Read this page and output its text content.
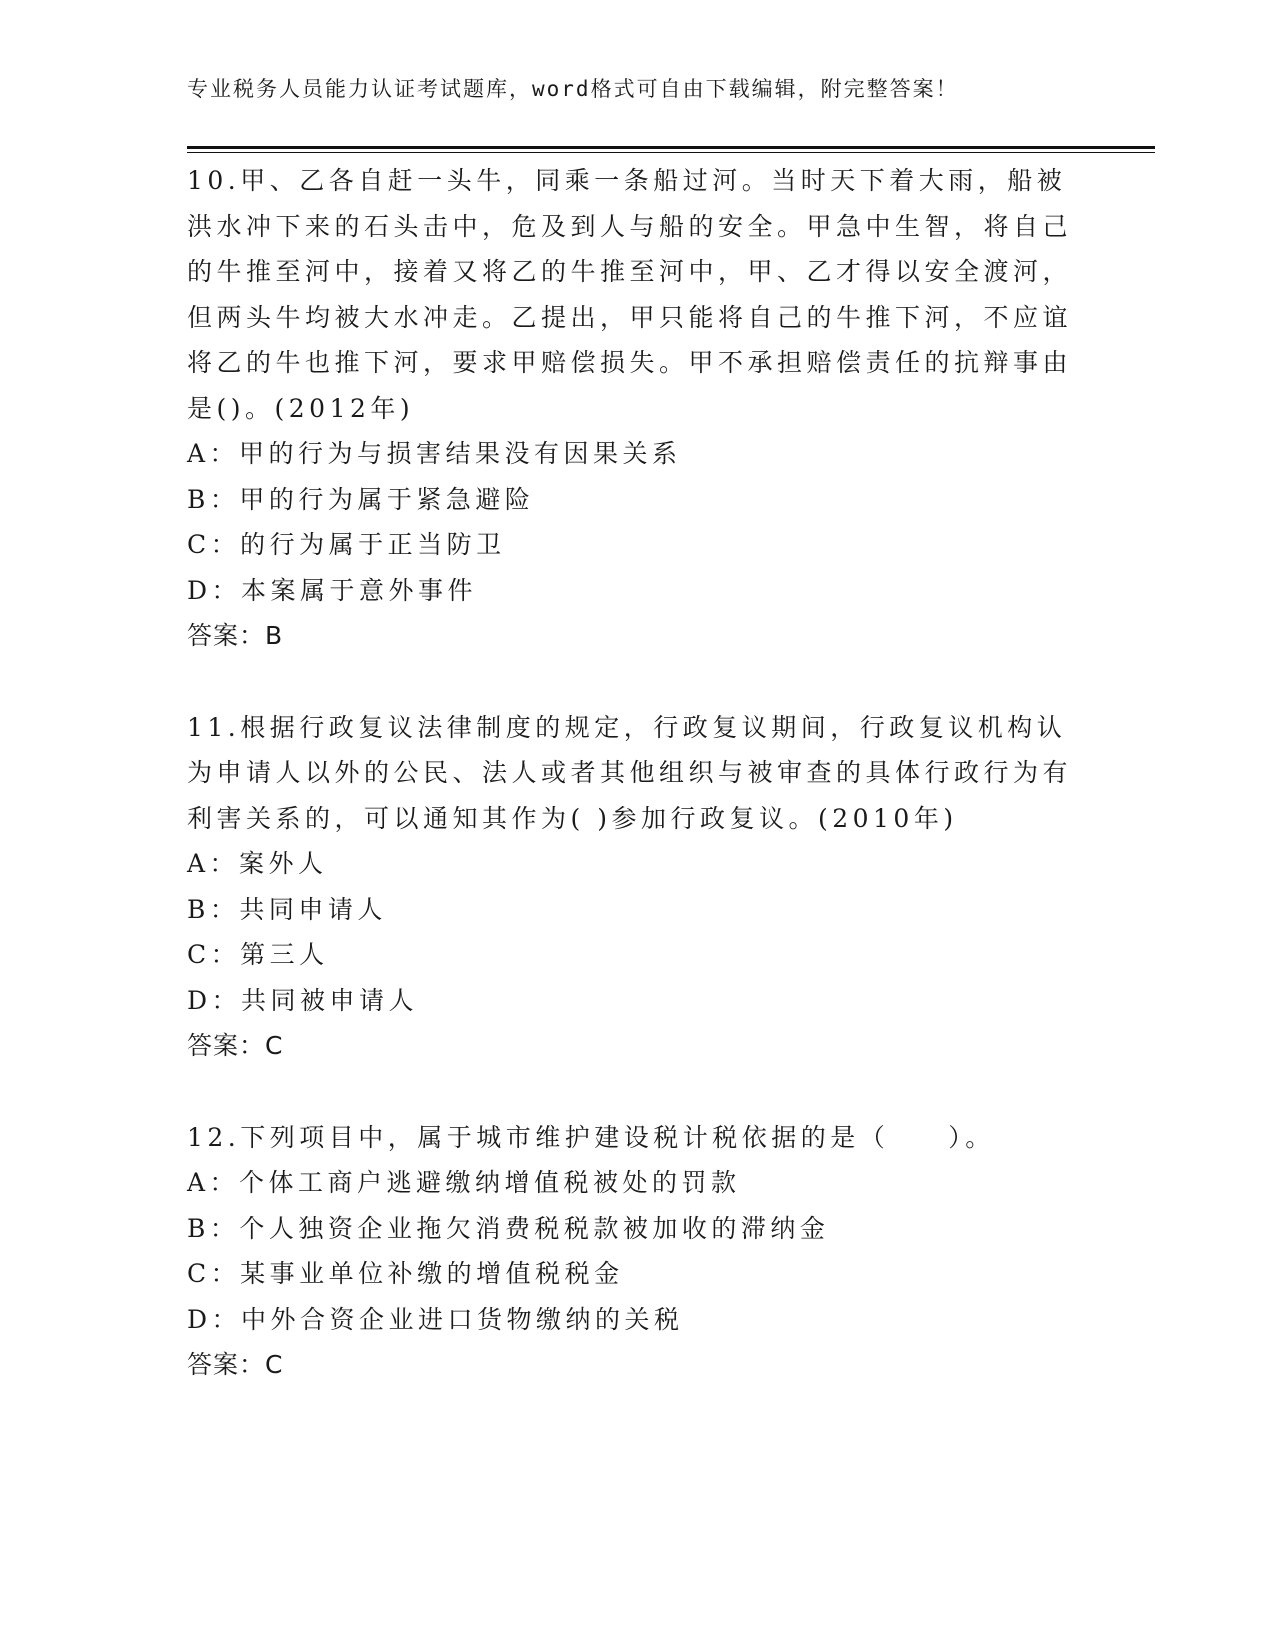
专业税务人员能力认证考试题库，word格式可自由下载编辑，附完整答案！

10.甲、乙各自赶一头牛，同乘一条船过河。当时天下着大雨，船被洪水冲下来的石头击中，危及到人与船的安全。甲急中生智，将自己的牛推至河中，接着又将乙的牛推至河中，甲、乙才得以安全渡河，但两头牛均被大水冲走。乙提出，甲只能将自己的牛推下河，不应谊将乙的牛也推下河，要求甲赔偿损失。甲不承担赔偿责任的抗辩事由是()。(2012年)

A：甲的行为与损害结果没有因果关系

B：甲的行为属于紧急避险

C：的行为属于正当防卫

D：本案属于意外事件

答案：B

11.根据行政复议法律制度的规定，行政复议期间，行政复议机构认为申请人以外的公民、法人或者其他组织与被审查的具体行政行为有利害关系的，可以通知其作为( )参加行政复议。(2010年)

A：案外人

B：共同申请人

C：第三人

D：共同被申请人

答案：C

12.下列项目中，属于城市维护建设税计税依据的是（　　）。

A：个体工商户逃避缴纳增值税被处的罚款

B：个人独资企业拖欠消费税税款被加收的滞纳金

C：某事业单位补缴的增值税税金

D：中外合资企业进口货物缴纳的关税

答案：C
